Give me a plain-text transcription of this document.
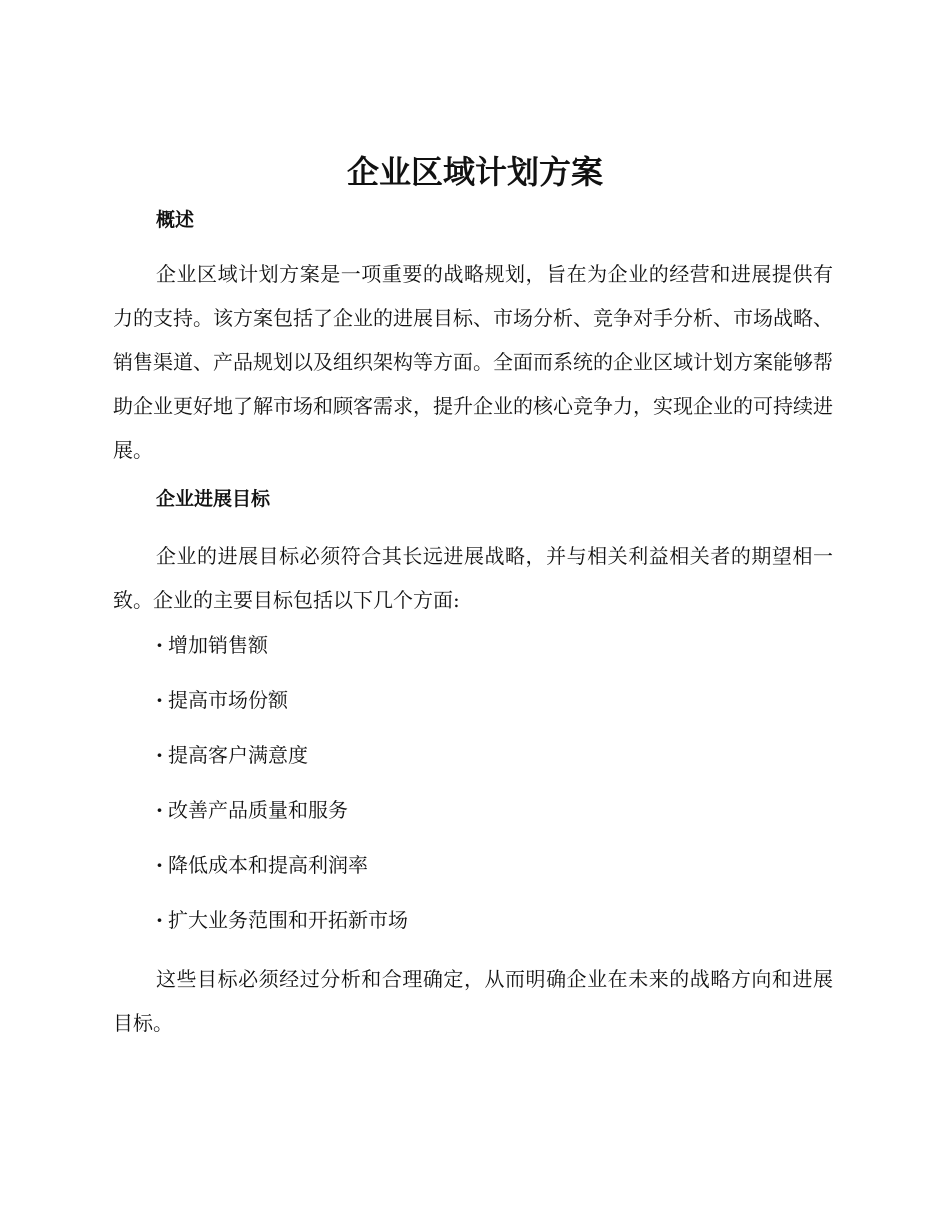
企业区域计划方案
概述

企业区域计划方案是一项重要的战略规划，旨在为企业的经营和进展提供有力的支持。该方案包括了企业的进展目标、市场分析、竞争对手分析、市场战略、销售渠道、产品规划以及组织架构等方面。全面而系统的企业区域计划方案能够帮助企业更好地了解市场和顾客需求，提升企业的核心竞争力，实现企业的可持续进展。

企业进展目标

企业的进展目标必须符合其长远进展战略，并与相关利益相关者的期望相一致。企业的主要目标包括以下几个方面:

· 增加销售额
· 提高市场份额
· 提高客户满意度
· 改善产品质量和服务
· 降低成本和提高利润率
· 扩大业务范围和开拓新市场

这些目标必须经过分析和合理确定，从而明确企业在未来的战略方向和进展目标。
